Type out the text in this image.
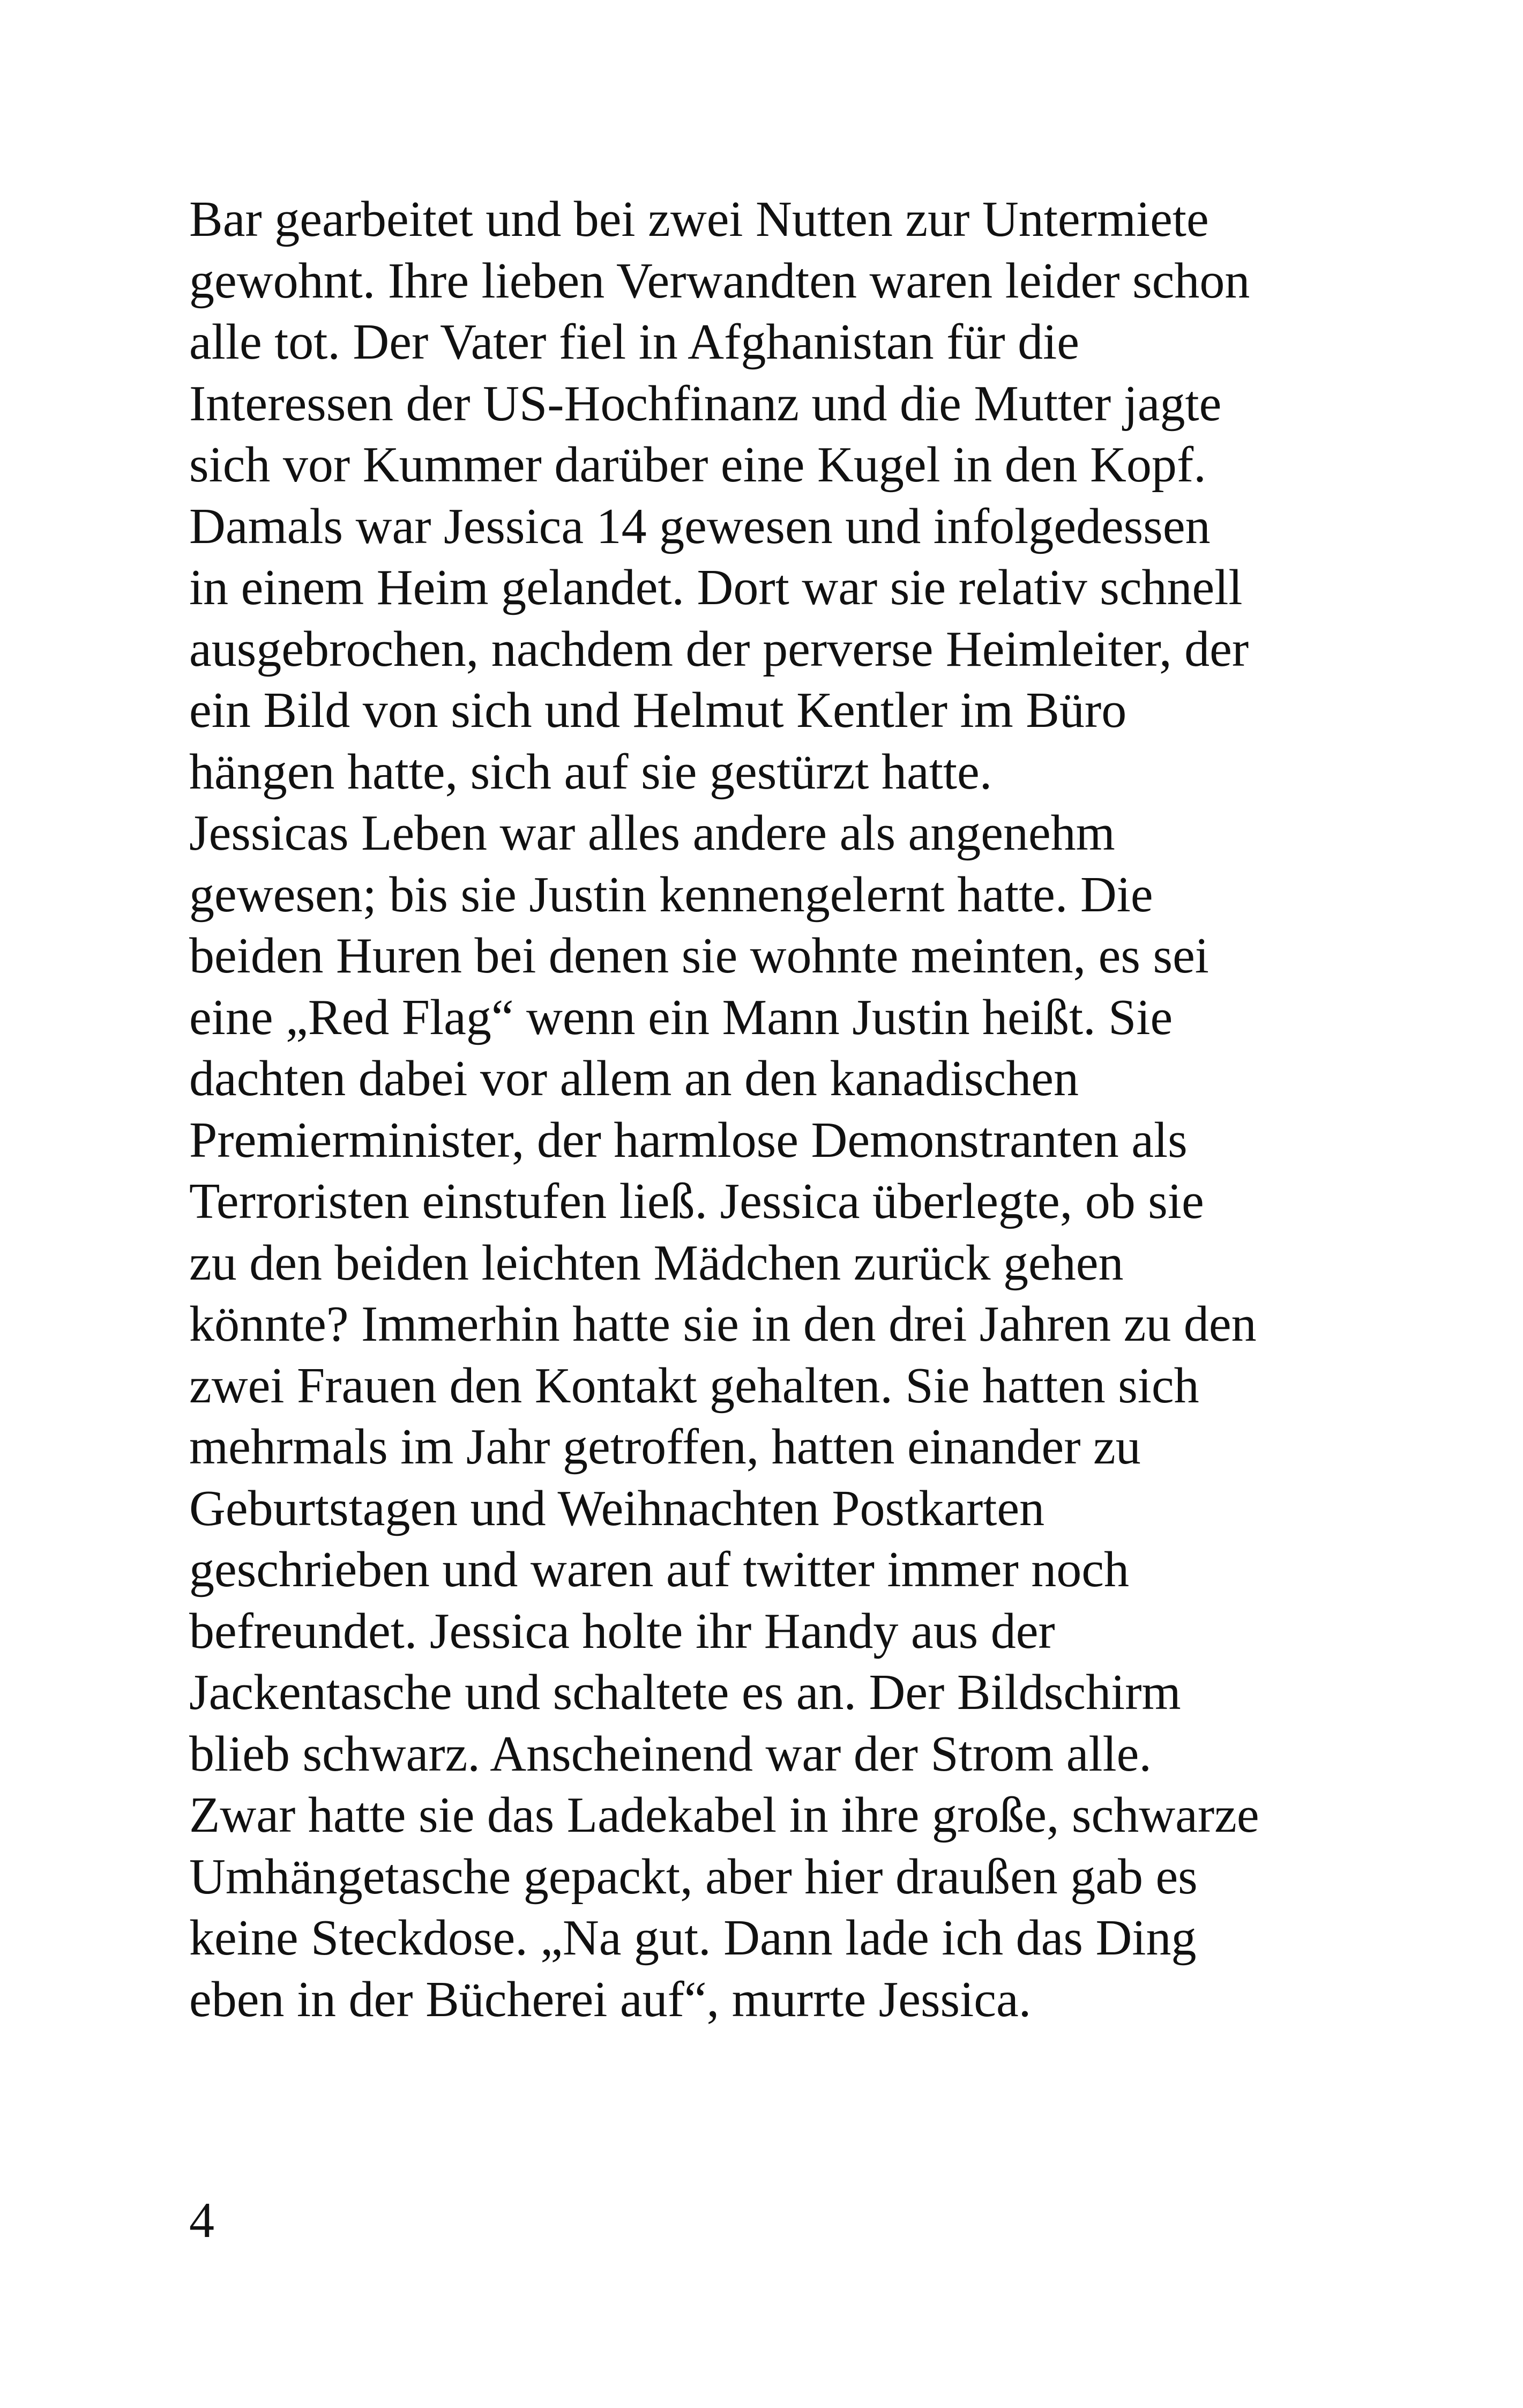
Bar gearbeitet und bei zwei Nutten zur Untermiete
gewohnt. Ihre lieben Verwandten waren leider schon
alle tot. Der Vater fiel in Afghanistan für die
Interessen der US-Hochfinanz und die Mutter jagte
sich vor Kummer darüber eine Kugel in den Kopf.
Damals war Jessica 14 gewesen und infolgedessen
in einem Heim gelandet. Dort war sie relativ schnell
ausgebrochen, nachdem der perverse Heimleiter, der
ein Bild von sich und Helmut Kentler im Büro
hängen hatte, sich auf sie gestürzt hatte.
Jessicas Leben war alles andere als angenehm
gewesen; bis sie Justin kennengelernt hatte. Die
beiden Huren bei denen sie wohnte meinten, es sei
eine „Red Flag“ wenn ein Mann Justin heißt. Sie
dachten dabei vor allem an den kanadischen
Premierminister, der harmlose Demonstranten als
Terroristen einstufen ließ. Jessica überlegte, ob sie
zu den beiden leichten Mädchen zurück gehen
könnte? Immerhin hatte sie in den drei Jahren zu den
zwei Frauen den Kontakt gehalten. Sie hatten sich
mehrmals im Jahr getroffen, hatten einander zu
Geburtstagen und Weihnachten Postkarten
geschrieben und waren auf twitter immer noch
befreundet. Jessica holte ihr Handy aus der
Jackentasche und schaltete es an. Der Bildschirm
blieb schwarz. Anscheinend war der Strom alle.
Zwar hatte sie das Ladekabel in ihre große, schwarze
Umhängetasche gepackt, aber hier draußen gab es
keine Steckdose. „Na gut. Dann lade ich das Ding
eben in der Bücherei auf“, murrte Jessica.
4
